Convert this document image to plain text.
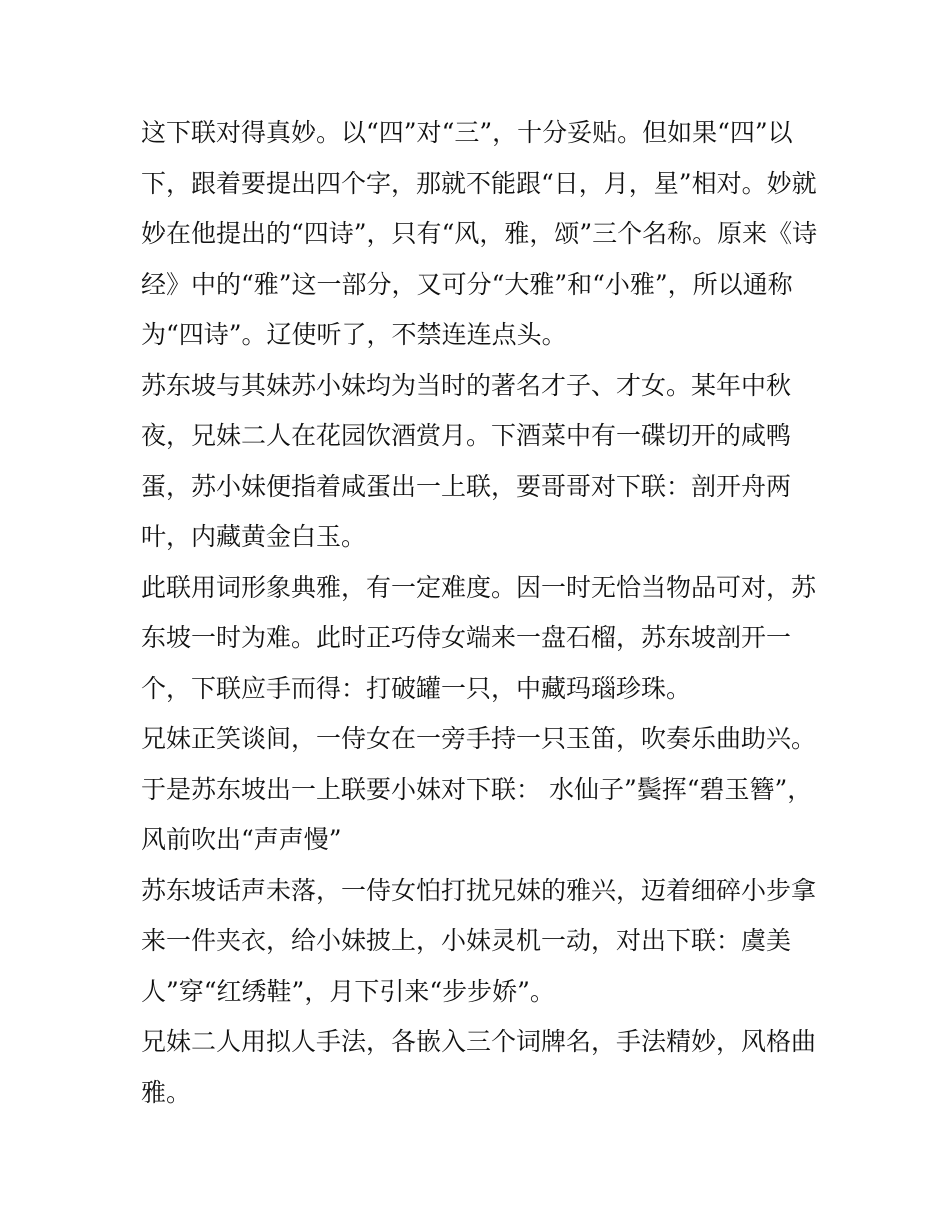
这下联对得真妙。以“四”对“三”，十分妥贴。但如果“四”以
下，跟着要提出四个字，那就不能跟“日，月，星”相对。妙就
妙在他提出的“四诗”，只有“风，雅，颂”三个名称。原来《诗
经》中的“雅”这一部分，又可分“大雅”和“小雅”，所以通称
为“四诗”。辽使听了，不禁连连点头。
苏东坡与其妹苏小妹均为当时的著名才子、才女。某年中秋
夜，兄妹二人在花园饮酒赏月。下酒菜中有一碟切开的咸鸭
蛋，苏小妹便指着咸蛋出一上联，要哥哥对下联：剖开舟两
叶，内藏黄金白玉。
此联用词形象典雅，有一定难度。因一时无恰当物品可对，苏
东坡一时为难。此时正巧侍女端来一盘石榴，苏东坡剖开一
个，下联应手而得：打破罐一只，中藏玛瑙珍珠。
兄妹正笑谈间，一侍女在一旁手持一只玉笛，吹奏乐曲助兴。
于是苏东坡出一上联要小妹对下联： 水仙子”鬓挥“碧玉簪”，
风前吹出“声声慢”
苏东坡话声未落，一侍女怕打扰兄妹的雅兴，迈着细碎小步拿
来一件夹衣，给小妹披上，小妹灵机一动，对出下联：虞美
人”穿“红绣鞋”，月下引来“步步娇”。
兄妹二人用拟人手法，各嵌入三个词牌名，手法精妙，风格曲
雅。
